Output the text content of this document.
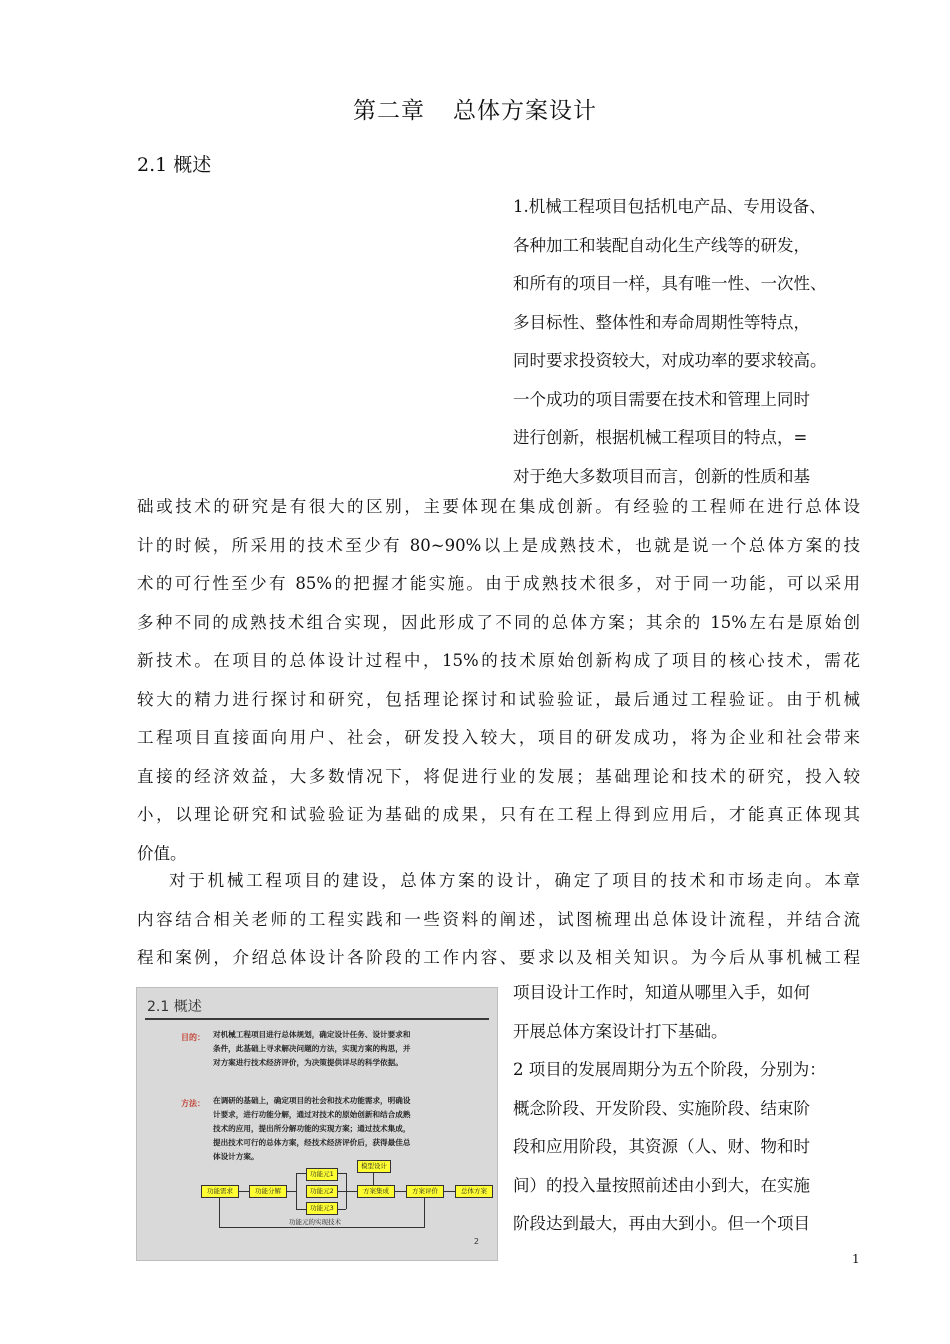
第二章 总体方案设计
2.1 概述
1.机械工程项目包括机电产品、专用设备、
各种加工和装配自动化生产线等的研发，
和所有的项目一样，具有唯一性、一次性、
多目标性、整体性和寿命周期性等特点，
同时要求投资较大，对成功率的要求较高。
一个成功的项目需要在技术和管理上同时
进行创新，根据机械工程项目的特点，=
对于绝大多数项目而言，创新的性质和基
础或技术的研究是有很大的区别，主要体现在集成创新。有经验的工程师在进行总体设
计的时候，所采用的技术至少有 80~90%以上是成熟技术，也就是说一个总体方案的技
术的可行性至少有 85%的把握才能实施。由于成熟技术很多，对于同一功能，可以采用
多种不同的成熟技术组合实现，因此形成了不同的总体方案；其余的 15%左右是原始创
新技术。在项目的总体设计过程中，15%的技术原始创新构成了项目的核心技术，需花
较大的精力进行探讨和研究，包括理论探讨和试验验证，最后通过工程验证。由于机械
工程项目直接面向用户、社会，研发投入较大，项目的研发成功，将为企业和社会带来
直接的经济效益，大多数情况下，将促进行业的发展；基础理论和技术的研究，投入较
小，以理论研究和试验验证为基础的成果，只有在工程上得到应用后，才能真正体现其
价值。
对于机械工程项目的建设，总体方案的设计，确定了项目的技术和市场走向。本章
内容结合相关老师的工程实践和一些资料的阐述，试图梳理出总体设计流程，并结合流
程和案例，介绍总体设计各阶段的工作内容、要求以及相关知识。为今后从事机械工程
项目设计工作时，知道从哪里入手，如何
开展总体方案设计打下基础。
2 项目的发展周期分为五个阶段，分别为：
概念阶段、开发阶段、实施阶段、结束阶
段和应用阶段，其资源（人、财、物和时
间）的投入量按照前述由小到大，在实施
阶段达到最大，再由大到小。但一个项目
2.1 概述
目的： 对机械工程项目进行总体规划，确定设计任务、设计要求和
条件，此基础上寻求解决问题的方法，实现方案的构思，并
对方案进行技术经济评价，为决策提供详尽的科学依据。
方法： 在调研的基础上，确定项目的社会和技术功能需求，明确设
计要求，进行功能分解，通过对技术的原始创新和结合成熟
技术的应用，提出所分解功能的实现方案；通过技术集成，
提出技术可行的总体方案，经技术经济评价后，获得最佳总
体设计方案。
功能需求	功能分解
功能元1
功能元2
功能元3
模型设计
方案集成	方案评价	总体方案
功能元的实现技术
2
1
